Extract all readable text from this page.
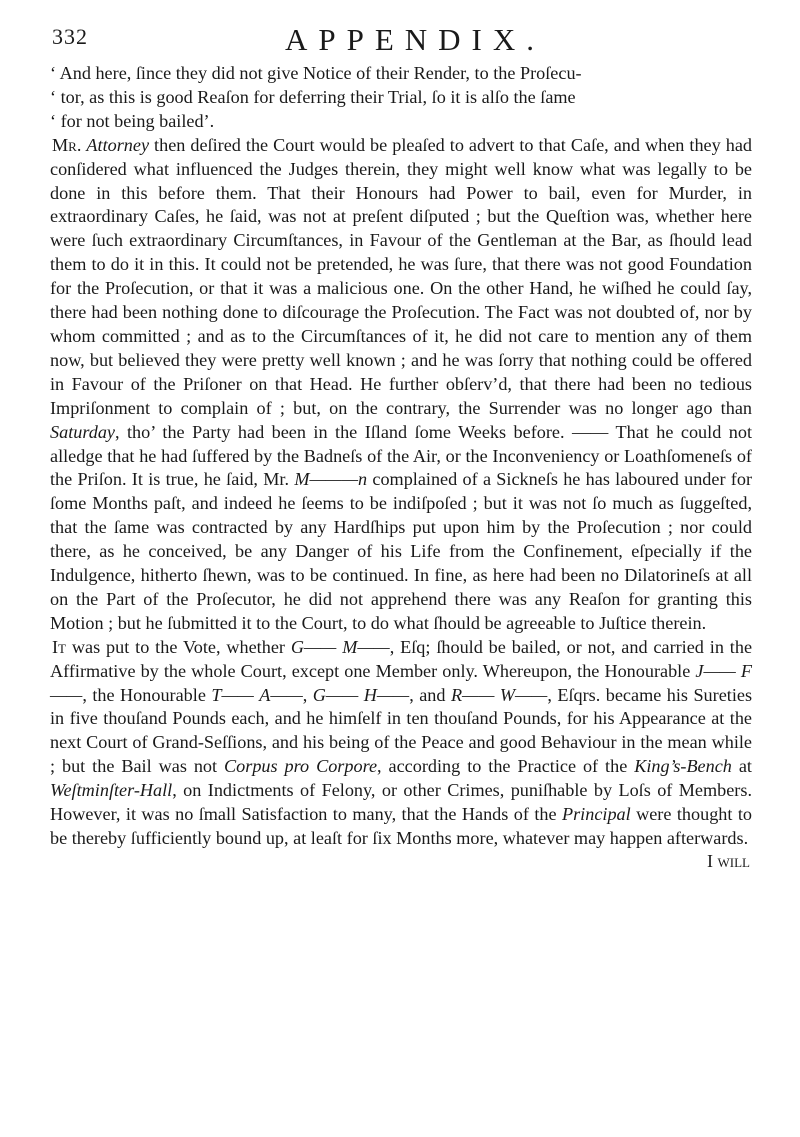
332	APPENDIX.

‘ And here, ſince they did not give Notice of their Render, to the Proſecu-
‘ tor, as this is good Reaſon for deferring their Trial, ſo it is alſo the ſame
‘ for not being bailed’.

Mr. Attorney then deſired the Court would be pleaſed to advert to that Caſe, and when they had conſidered what influenced the Judges therein, they might well know what was legally to be done in this before them. That their Honours had Power to bail, even for Murder, in extraordinary Caſes, he ſaid, was not at preſent diſputed ; but the Queſtion was, whether here were ſuch extraordinary Circumſtances, in Favour of the Gentleman at the Bar, as ſhould lead them to do it in this. It could not be pretended, he was ſure, that there was not good Foundation for the Proſecution, or that it was a malicious one. On the other Hand, he wiſhed he could ſay, there had been nothing done to diſcourage the Proſecution. The Fact was not doubted of, nor by whom committed ; and as to the Circumſtances of it, he did not care to mention any of them now, but believed they were pretty well known ; and he was ſorry that nothing could be offered in Favour of the Priſoner on that Head. He further obſerv’d, that there had been no tedious Impriſonment to complain of ; but, on the contrary, the Surrender was no longer ago than Saturday, tho’ the Party had been in the Iſland ſome Weeks before. —— That he could not alledge that he had ſuffered by the Badneſs of the Air, or the Inconveniency or Loathſomeneſs of the Priſon. It is true, he ſaid, Mr. M———n complained of a Sickneſs he has laboured under for ſome Months paſt, and indeed he ſeems to be indiſpoſed ; but it was not ſo much as ſuggeſted, that the ſame was contracted by any Hardſhips put upon him by the Proſecution ; nor could there, as he conceived, be any Danger of his Life from the Confinement, eſpecially if the Indulgence, hitherto ſhewn, was to be continued. In fine, as here had been no Dilatorineſs at all on the Part of the Proſecutor, he did not apprehend there was any Reaſon for granting this Motion ; but he ſubmitted it to the Court, to do what ſhould be agreeable to Juſtice therein.

It was put to the Vote, whether G—— M——, Eſq; ſhould be bailed, or not, and carried in the Affirmative by the whole Court, except one Member only. Whereupon, the Honourable J—— F——, the Honourable T—— A——, G—— H——, and R—— W——, Eſqrs. became his Sureties in five thouſand Pounds each, and he himſelf in ten thouſand Pounds, for his Appearance at the next Court of Grand-Seſſions, and his being of the Peace and good Behaviour in the mean while ; but the Bail was not Corpus pro Corpore, according to the Practice of the King’s-Bench at Weſtminſter-Hall, on Indictments of Felony, or other Crimes, puniſhable by Loſs of Members. However, it was no ſmall Satisfaction to many, that the Hands of the Principal were thought to be thereby ſufficiently bound up, at leaſt for ſix Months more, whatever may happen afterwards.

I will
